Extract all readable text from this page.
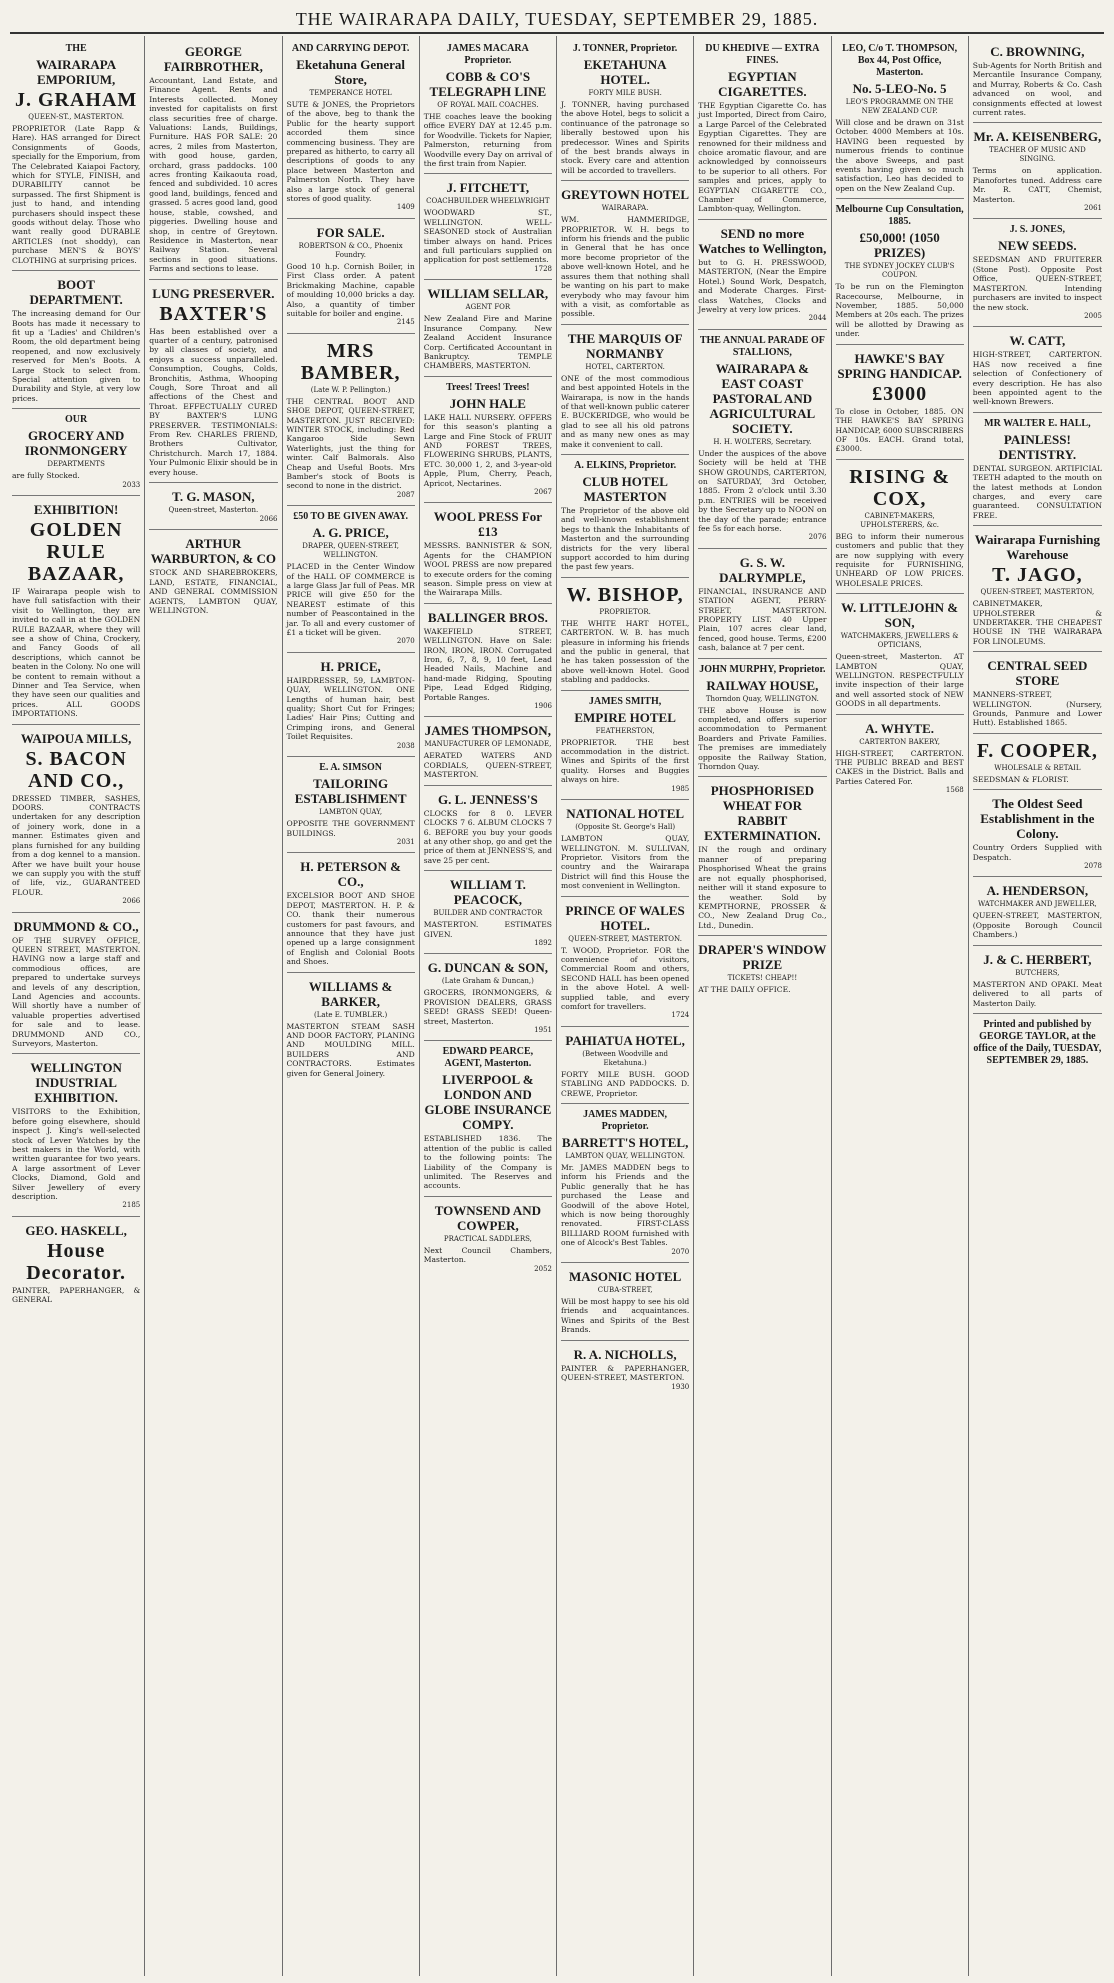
THE WAIRARAPA DAILY, TUESDAY, SEPTEMBER 29, 1885.
THE
WAIRARAPA EMPORIUM,
J. GRAHAM
QUEEN-ST., MASTERTON.
PROPRIETOR (Late Rapp & Hare). HAS arranged for Direct Consignments of Goods, specially for the Emporium, from The Celebrated Kaiapoi Factory, which for STYLE, FINISH, and DURABILITY cannot be surpassed. The first Shipment is just to hand, and intending purchasers should inspect these goods without delay. Those who want really good DURABLE ARTICLES (not shoddy), can purchase MEN'S & BOYS' CLOTHING at surprising prices.
BOOT DEPARTMENT.
The increasing demand for Our Boots has made it necessary to fit up a 'Ladies' and Children's Room, the old department being reopened, and now exclusively reserved for Men's Boots. A Large Stock to select from. Special attention given to Durability and Style, at very low prices.
OUR
GROCERY AND IRONMONGERY
DEPARTMENTS
are fully Stocked.
2033
EXHIBITION!
GOLDEN RULE BAZAAR,
IF Wairarapa people wish to have full satisfaction with their visit to Wellington, they are invited to call in at the GOLDEN RULE BAZAAR, where they will see a show of China, Crockery, and Fancy Goods of all descriptions, which cannot be beaten in the Colony. No one will be content to remain without a Dinner and Tea Service, when they have seen our qualities and prices. ALL GOODS IMPORTATIONS.
WAIPOUA MILLS,
S. BACON AND CO.,
DRESSED TIMBER, SASHES, DOORS. CONTRACTS undertaken for any description of joinery work, done in a manner. Estimates given and plans furnished for any building from a dog kennel to a mansion. After we have built your house we can supply you with the stuff of life, viz., GUARANTEED FLOUR.
2066
DRUMMOND & CO.,
OF THE SURVEY OFFICE, QUEEN STREET, MASTERTON. HAVING now a large staff and commodious offices, are prepared to undertake surveys and levels of any description, Land Agencies and accounts. Will shortly have a number of valuable properties advertised for sale and to lease. DRUMMOND AND CO., Surveyors, Masterton.
WELLINGTON INDUSTRIAL EXHIBITION.
VISITORS to the Exhibition, before going elsewhere, should inspect J. King's well-selected stock of Lever Watches by the best makers in the World, with written guarantee for two years. A large assortment of Lever Clocks, Diamond, Gold and Silver Jewellery of every description.
2185
GEO. HASKELL,
House Decorator.
PAINTER, PAPERHANGER, & GENERAL
GEORGE FAIRBROTHER,
Accountant, Land Estate, and Finance Agent. Rents and Interests collected. Money invested for capitalists on first class securities free of charge. Valuations: Lands, Buildings, Furniture. HAS FOR SALE: 20 acres, 2 miles from Masterton, with good house, garden, orchard, grass paddocks. 100 acres fronting Kaikaouta road, fenced and subdivided. 10 acres good land, buildings, fenced and grassed. 5 acres good land, good house, stable, cowshed, and piggeries. Dwelling house and shop, in centre of Greytown. Residence in Masterton, near Railway Station. Several sections in good situations. Farms and sections to lease.
LUNG PRESERVER.
BAXTER'S
Has been established over a quarter of a century, patronised by all classes of society, and enjoys a success unparalleled. Consumption, Coughs, Colds, Bronchitis, Asthma, Whooping Cough, Sore Throat and all affections of the Chest and Throat. EFFECTUALLY CURED BY BAXTER'S LUNG PRESERVER. TESTIMONIALS: From Rev. CHARLES FRIEND, Brothers Cultivator, Christchurch. March 17, 1884. Your Pulmonic Elixir should be in every house.
T. G. MASON,
Queen-street, Masterton.
2066
ARTHUR WARBURTON, & CO
STOCK AND SHAREBROKERS, LAND, ESTATE, FINANCIAL, AND GENERAL COMMISSION AGENTS, LAMBTON QUAY, WELLINGTON.
AND CARRYING DEPOT.
Eketahuna General Store,
TEMPERANCE HOTEL
SUTE & JONES, the Proprietors of the above, beg to thank the Public for the hearty support accorded them since commencing business. They are prepared as hitherto, to carry all descriptions of goods to any place between Masterton and Palmerston North. They have also a large stock of general stores of good quality.
1409
FOR SALE.
ROBERTSON & CO., Phoenix Foundry.
Good 10 h.p. Cornish Boiler, in First Class order. A patent Brickmaking Machine, capable of moulding 10,000 bricks a day. Also, a quantity of timber suitable for boiler and engine.
2145
MRS BAMBER,
(Late W. P. Pellington.)
THE CENTRAL BOOT AND SHOE DEPOT, QUEEN-STREET, MASTERTON. JUST RECEIVED: WINTER STOCK, including: Red Kangaroo Side Sewn Waterlights, just the thing for winter. Calf Balmorals. Also Cheap and Useful Boots. Mrs Bamber's stock of Boots is second to none in the district.
2087
£50 TO BE GIVEN AWAY.
A. G. PRICE,
DRAPER, QUEEN-STREET, WELLINGTON.
PLACED in the Center Window of the HALL OF COMMERCE is a large Glass Jar full of Peas. MR PRICE will give £50 for the NEAREST estimate of this number of Peascontained in the jar. To all and every customer of £1 a ticket will be given.
2070
H. PRICE,
HAIRDRESSER, 59, LAMBTON-QUAY, WELLINGTON. ONE Lengths of human hair, best quality; Short Cut for Fringes; Ladies' Hair Pins; Cutting and Crimping irons, and General Toilet Requisites.
2038
E. A. SIMSON
TAILORING ESTABLISHMENT
LAMBTON QUAY,
OPPOSITE THE GOVERNMENT BUILDINGS.
2031
H. PETERSON & CO.,
EXCELSIOR BOOT AND SHOE DEPOT, MASTERTON. H. P. & CO. thank their numerous customers for past favours, and announce that they have just opened up a large consignment of English and Colonial Boots and Shoes.
WILLIAMS & BARKER,
(Late E. TUMBLER.)
MASTERTON STEAM SASH AND DOOR FACTORY, PLANING AND MOULDING MILL. BUILDERS AND CONTRACTORS. Estimates given for General Joinery.
JAMES MACARA Proprietor.
COBB & CO'S TELEGRAPH LINE
OF ROYAL MAIL COACHES.
THE coaches leave the booking office EVERY DAY at 12.45 p.m. for Woodville. Tickets for Napier, Palmerston, returning from Woodville every Day on arrival of the first train from Napier.
J. FITCHETT,
COACHBUILDER WHEELWRIGHT
WOODWARD ST., WELLINGTON. WELL-SEASONED stock of Australian timber always on hand. Prices and full particulars supplied on application for post settlements.
1728
WILLIAM SELLAR,
AGENT FOR
New Zealand Fire and Marine Insurance Company. New Zealand Accident Insurance Corp. Certificated Accountant in Bankruptcy. TEMPLE CHAMBERS, MASTERTON.
Trees! Trees! Trees!
JOHN HALE
LAKE HALL NURSERY. OFFERS for this season's planting a Large and Fine Stock of FRUIT AND FOREST TREES, FLOWERING SHRUBS, PLANTS, ETC. 30,000 1, 2, and 3-year-old Apple, Plum, Cherry, Peach, Apricot, Nectarines.
2067
WOOL PRESS For £13
MESSRS. BANNISTER & SON, Agents for the CHAMPION WOOL PRESS are now prepared to execute orders for the coming season. Simple press on view at the Wairarapa Mills.
BALLINGER BROS.
WAKEFIELD STREET, WELLINGTON. Have on Sale: IRON, IRON, IRON. Corrugated Iron, 6, 7, 8, 9, 10 feet, Lead Headed Nails, Machine and hand-made Ridging, Spouting Pipe, Lead Edged Ridging, Portable Ranges.
1906
JAMES THOMPSON,
MANUFACTURER OF LEMONADE,
AERATED WATERS AND CORDIALS, QUEEN-STREET, MASTERTON.
G. L. JENNESS'S
CLOCKS for 8 0. LEVER CLOCKS 7 6. ALBUM CLOCKS 7 6. BEFORE you buy your goods at any other shop, go and get the price of them at JENNESS'S, and save 25 per cent.
WILLIAM T. PEACOCK,
BUILDER AND CONTRACTOR
MASTERTON. ESTIMATES GIVEN.
1892
G. DUNCAN & SON,
(Late Graham & Duncan,)
GROCERS, IRONMONGERS, & PROVISION DEALERS, GRASS SEED! GRASS SEED! Queen-street, Masterton.
1951
EDWARD PEARCE, AGENT, Masterton.
LIVERPOOL & LONDON AND GLOBE INSURANCE COMPY.
ESTABLISHED 1836. The attention of the public is called to the following points: The Liability of the Company is unlimited. The Reserves and accounts.
TOWNSEND AND COWPER,
PRACTICAL SADDLERS,
Next Council Chambers, Masterton.
2052
J. TONNER, Proprietor.
EKETAHUNA HOTEL.
FORTY MILE BUSH.
J. TONNER, having purchased the above Hotel, begs to solicit a continuance of the patronage so liberally bestowed upon his predecessor. Wines and Spirits of the best brands always in stock. Every care and attention will be accorded to travellers.
GREYTOWN HOTEL
WAIRARAPA.
WM. HAMMERIDGE, PROPRIETOR. W. H. begs to inform his friends and the public in General that he has once more become proprietor of the above well-known Hotel, and he assures them that nothing shall be wanting on his part to make everybody who may favour him with a visit, as comfortable as possible.
THE MARQUIS OF NORMANBY
HOTEL, CARTERTON.
ONE of the most commodious and best appointed Hotels in the Wairarapa, is now in the hands of that well-known public caterer E. BUCKERIDGE, who would be glad to see all his old patrons and as many new ones as may make it convenient to call.
A. ELKINS, Proprietor.
CLUB HOTEL MASTERTON
The Proprietor of the above old and well-known establishment begs to thank the Inhabitants of Masterton and the surrounding districts for the very liberal support accorded to him during the past few years.
W. BISHOP,
PROPRIETOR.
THE WHITE HART HOTEL, CARTERTON. W. B. has much pleasure in informing his friends and the public in general, that he has taken possession of the above well-known Hotel. Good stabling and paddocks.
JAMES SMITH,
EMPIRE HOTEL
FEATHERSTON,
PROPRIETOR. THE best accommodation in the district. Wines and Spirits of the first quality. Horses and Buggies always on hire.
1985
NATIONAL HOTEL
(Opposite St. George's Hall)
LAMBTON QUAY, WELLINGTON. M. SULLIVAN, Proprietor. Visitors from the country and the Wairarapa District will find this House the most convenient in Wellington.
PRINCE OF WALES HOTEL.
QUEEN-STREET, MASTERTON.
T. WOOD, Proprietor. FOR the convenience of visitors, Commercial Room and others, SECOND HALL has been opened in the above Hotel. A well-supplied table, and every comfort for travellers.
1724
PAHIATUA HOTEL,
(Between Woodville and Eketahuna.)
FORTY MILE BUSH. GOOD STABLING AND PADDOCKS. D. CREWE, Proprietor.
JAMES MADDEN, Proprietor.
BARRETT'S HOTEL,
LAMBTON QUAY, WELLINGTON.
Mr. JAMES MADDEN begs to inform his Friends and the Public generally that he has purchased the Lease and Goodwill of the above Hotel, which is now being thoroughly renovated. FIRST-CLASS BILLIARD ROOM furnished with one of Alcock's Best Tables.
2070
MASONIC HOTEL
CUBA-STREET,
Will be most happy to see his old friends and acquaintances. Wines and Spirits of the Best Brands.
R. A. NICHOLLS,
PAINTER & PAPERHANGER, QUEEN-STREET, MASTERTON.
1930
DU KHEDIVE — EXTRA FINES.
EGYPTIAN CIGARETTES.
THE Egyptian Cigarette Co. has just Imported, Direct from Cairo, a Large Parcel of the Celebrated Egyptian Cigarettes. They are renowned for their mildness and choice aromatic flavour, and are acknowledged by connoisseurs to be superior to all others. For samples and prices, apply to EGYPTIAN CIGARETTE CO., Chamber of Commerce, Lambton-quay, Wellington.
SEND no more Watches to Wellington,
but to G. H. PRESSWOOD, MASTERTON, (Near the Empire Hotel.) Sound Work, Despatch, and Moderate Charges. First-class Watches, Clocks and Jewelry at very low prices.
2044
THE ANNUAL PARADE OF STALLIONS,
WAIRARAPA & EAST COAST PASTORAL AND AGRICULTURAL SOCIETY.
H. H. WOLTERS, Secretary.
Under the auspices of the above Society will be held at THE SHOW GROUNDS, CARTERTON, on SATURDAY, 3rd October, 1885. From 2 o'clock until 3.30 p.m. ENTRIES will be received by the Secretary up to NOON on the day of the parade; entrance fee 5s for each horse.
2076
G. S. W. DALRYMPLE,
FINANCIAL, INSURANCE AND STATION AGENT, PERRY-STREET, MASTERTON. PROPERTY LIST. 40 Upper Plain, 107 acres clear land, fenced, good house. Terms, £200 cash, balance at 7 per cent.
JOHN MURPHY, Proprietor.
RAILWAY HOUSE,
Thorndon Quay, WELLINGTON.
THE above House is now completed, and offers superior accommodation to Permanent Boarders and Private Families. The premises are immediately opposite the Railway Station, Thorndon Quay.
PHOSPHORISED WHEAT FOR RABBIT EXTERMINATION.
IN the rough and ordinary manner of preparing Phosphorised Wheat the grains are not equally phosphorised, neither will it stand exposure to the weather. Sold by KEMPTHORNE, PROSSER & CO., New Zealand Drug Co., Ltd., Dunedin.
DRAPER'S WINDOW PRIZE
TICKETS! CHEAP!!
AT THE DAILY OFFICE.
LEO, C/o T. THOMPSON, Box 44, Post Office, Masterton.
No. 5-LEO-No. 5
LEO'S PROGRAMME ON THE NEW ZEALAND CUP.
Will close and be drawn on 31st October. 4000 Members at 10s. HAVING been requested by numerous friends to continue the above Sweeps, and past events having given so much satisfaction, Leo has decided to open on the New Zealand Cup.
Melbourne Cup Consultation, 1885.
£50,000! (1050 PRIZES)
THE SYDNEY JOCKEY CLUB'S COUPON.
To be run on the Flemington Racecourse, Melbourne, in November, 1885. 50,000 Members at 20s each. The prizes will be allotted by Drawing as under.
HAWKE'S BAY SPRING HANDICAP.
£3000
To close in October, 1885. ON THE HAWKE'S BAY SPRING HANDICAP, 6000 SUBSCRIBERS OF 10s. EACH. Grand total, £3000.
RISING & COX,
CABINET-MAKERS, UPHOLSTERERS, &c.
BEG to inform their numerous customers and public that they are now supplying with every requisite for FURNISHING, UNHEARD OF LOW PRICES. WHOLESALE PRICES.
W. LITTLEJOHN & SON,
WATCHMAKERS, JEWELLERS & OPTICIANS,
Queen-street, Masterton. AT LAMBTON QUAY, WELLINGTON. RESPECTFULLY invite inspection of their large and well assorted stock of NEW GOODS in all departments.
A. WHYTE.
CARTERTON BAKERY,
HIGH-STREET, CARTERTON. THE PUBLIC BREAD and BEST CAKES in the District. Balls and Parties Catered For.
1568
C. BROWNING,
Sub-Agents for North British and Mercantile Insurance Company, and Murray, Roberts & Co. Cash advanced on wool, and consignments effected at lowest current rates.
Mr. A. KEISENBERG,
TEACHER OF MUSIC AND SINGING.
Terms on application. Pianofortes tuned. Address care Mr. R. CATT, Chemist, Masterton.
2061
J. S. JONES,
NEW SEEDS.
SEEDSMAN AND FRUITERER (Stone Post). Opposite Post Office, QUEEN-STREET, MASTERTON. Intending purchasers are invited to inspect the new stock.
2005
W. CATT,
HIGH-STREET, CARTERTON. HAS now received a fine selection of Confectionery of every description. He has also been appointed agent to the well-known Brewers.
MR WALTER E. HALL,
PAINLESS! DENTISTRY.
DENTAL SURGEON. ARTIFICIAL TEETH adapted to the mouth on the latest methods at London charges, and every care guaranteed. CONSULTATION FREE.
Wairarapa Furnishing Warehouse
T. JAGO,
QUEEN-STREET, MASTERTON,
CABINETMAKER, UPHOLSTERER & UNDERTAKER. THE CHEAPEST HOUSE IN THE WAIRARAPA FOR LINOLEUMS.
CENTRAL SEED STORE
MANNERS-STREET, WELLINGTON. (Nursery, Grounds, Panmure and Lower Hutt). Established 1865.
F. COOPER,
WHOLESALE & RETAIL
SEEDSMAN & FLORIST.
The Oldest Seed Establishment in the Colony.
Country Orders Supplied with Despatch.
2078
A. HENDERSON,
WATCHMAKER AND JEWELLER,
QUEEN-STREET, MASTERTON, (Opposite Borough Council Chambers.)
J. & C. HERBERT,
BUTCHERS,
MASTERTON AND OPAKI. Meat delivered to all parts of Masterton Daily.
Printed and published by GEORGE TAYLOR, at the office of the Daily, TUESDAY, SEPTEMBER 29, 1885.
